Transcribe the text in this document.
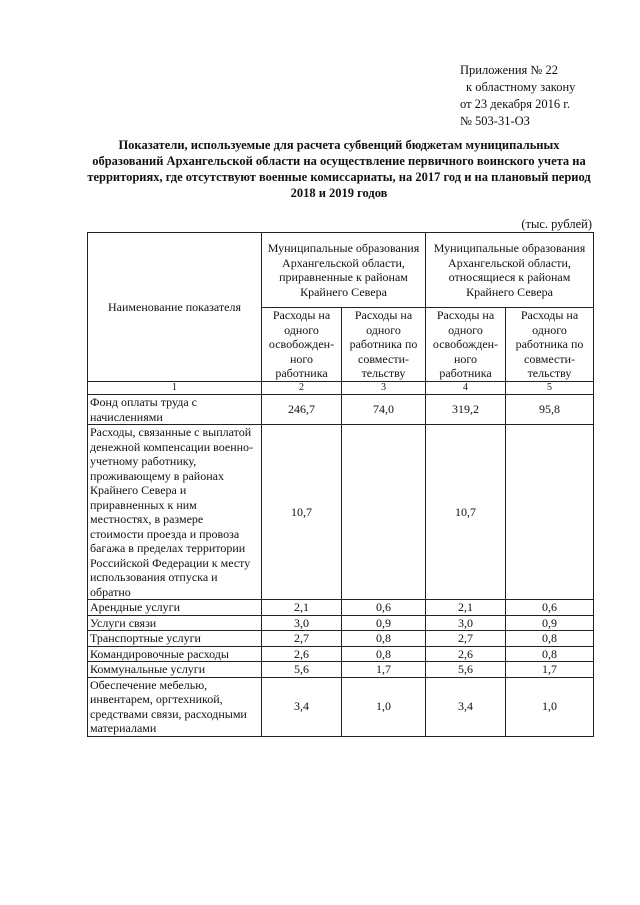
Приложения № 22
к областному закону
от 23 декабря 2016 г.
№ 503-31-ОЗ
Показатели, используемые для расчета субвенций бюджетам муниципальных образований Архангельской области на осуществление первичного воинского учета на территориях, где отсутствуют военные комиссариаты, на 2017 год и на плановый период 2018 и 2019 годов
(тыс. рублей)
Наименование показателя	Муниципальные образования Архангельской области, приравненные к районам Крайнего Севера		Муниципальные образования Архангельской области, относящиеся к районам Крайнего Севера	
	Расходы на одного освобожден-ного работника	Расходы на одного работника по совмести-тельству	Расходы на одного освобожден-ного работника	Расходы на одного работника по совмести-тельству
1	2	3	4	5
Фонд оплаты труда с начислениями	246,7	74,0	319,2	95,8
Расходы, связанные с выплатой денежной компенсации военно-учетному работнику, проживающему в районах Крайнего Севера и приравненных к ним местностях, в размере стоимости проезда и провоза багажа в пределах территории Российской Федерации к месту использования отпуска и обратно	10,7		10,7	
Арендные услуги	2,1	0,6	2,1	0,6
Услуги связи	3,0	0,9	3,0	0,9
Транспортные услуги	2,7	0,8	2,7	0,8
Командировочные расходы	2,6	0,8	2,6	0,8
Коммунальные услуги	5,6	1,7	5,6	1,7
Обеспечение мебелью, инвентарем, оргтехникой, средствами связи, расходными материалами	3,4	1,0	3,4	1,0
